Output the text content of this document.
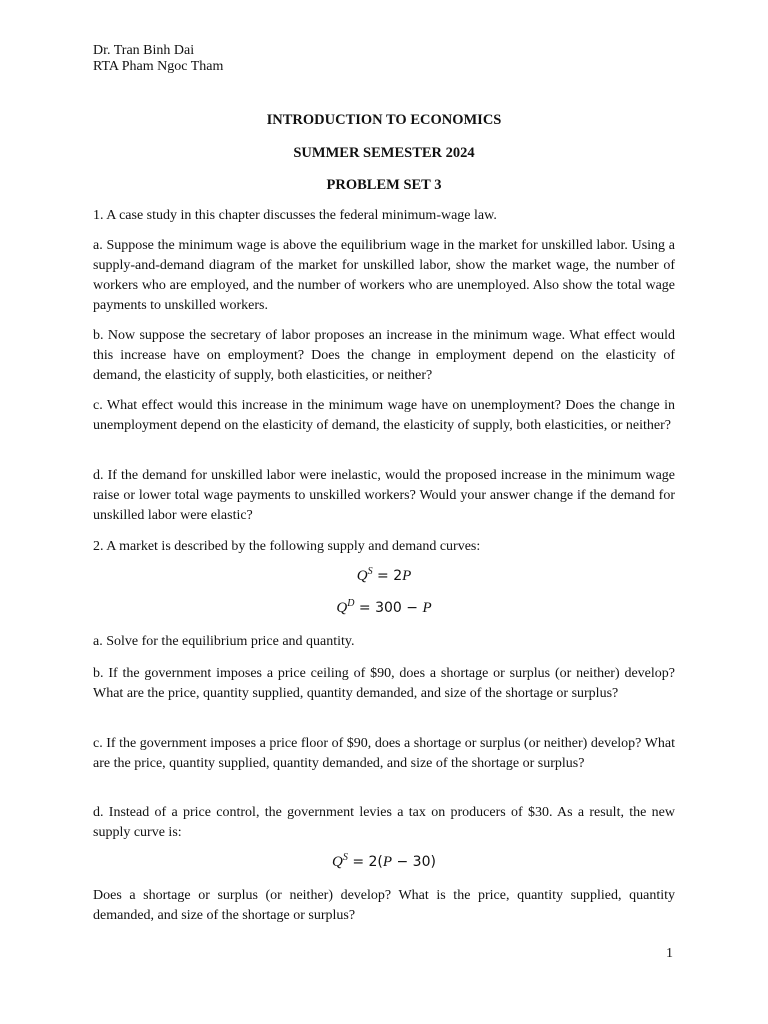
Dr. Tran Binh Dai
RTA Pham Ngoc Tham
INTRODUCTION TO ECONOMICS
SUMMER SEMESTER 2024
PROBLEM SET 3
1. A case study in this chapter discusses the federal minimum-wage law.
a. Suppose the minimum wage is above the equilibrium wage in the market for unskilled labor. Using a supply-and-demand diagram of the market for unskilled labor, show the market wage, the number of workers who are employed, and the number of workers who are unemployed. Also show the total wage payments to unskilled workers.
b. Now suppose the secretary of labor proposes an increase in the minimum wage. What effect would this increase have on employment? Does the change in employment depend on the elasticity of demand, the elasticity of supply, both elasticities, or neither?
c. What effect would this increase in the minimum wage have on unemployment? Does the change in unemployment depend on the elasticity of demand, the elasticity of supply, both elasticities, or neither?
d. If the demand for unskilled labor were inelastic, would the proposed increase in the minimum wage raise or lower total wage payments to unskilled workers? Would your answer change if the demand for unskilled labor were elastic?
2. A market is described by the following supply and demand curves:
$Q^S = 2P$
$Q^D = 300 - P$
a. Solve for the equilibrium price and quantity.
b. If the government imposes a price ceiling of $90, does a shortage or surplus (or neither) develop? What are the price, quantity supplied, quantity demanded, and size of the shortage or surplus?
c. If the government imposes a price floor of $90, does a shortage or surplus (or neither) develop? What are the price, quantity supplied, quantity demanded, and size of the shortage or surplus?
d. Instead of a price control, the government levies a tax on producers of $30. As a result, the new supply curve is:
$Q^S = 2(P - 30)$
Does a shortage or surplus (or neither) develop? What is the price, quantity supplied, quantity demanded, and size of the shortage or surplus?
1
